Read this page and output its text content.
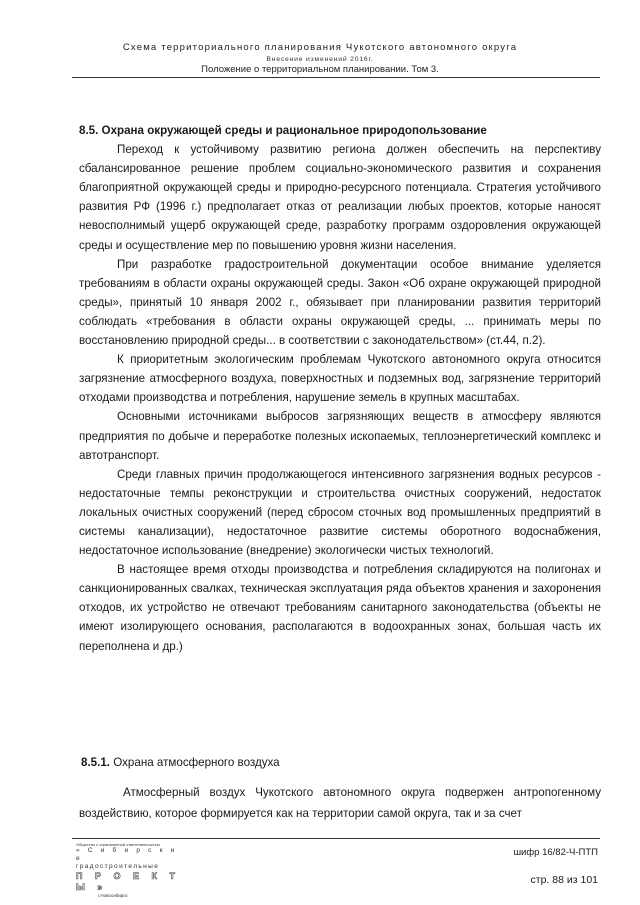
Схема территориального планирования Чукотского автономного округа
Внесение изменений 2016г.
Положение о территориальном планировании. Том 3.

8.5. Охрана окружающей среды и рациональное природопользование

Переход к устойчивому развитию региона должен обеспечить на перспективу сбалансированное решение проблем социально-экономического развития и сохранения благоприятной окружающей среды и природно-ресурсного потенциала. Стратегия устойчивого развития РФ (1996 г.) предполагает отказ от реализации любых проектов, которые наносят невосполнимый ущерб окружающей среде, разработку программ оздоровления окружающей среды и осуществление мер по повышению уровня жизни населения.

При разработке градостроительной документации особое внимание уделяется требованиям в области охраны окружающей среды. Закон «Об охране окружающей природной среды», принятый 10 января 2002 г., обязывает при планировании развития территорий соблюдать «требования в области охраны окружающей среды, ... принимать меры по восстановлению природной среды... в соответствии с законодательством» (ст.44, п.2).

К приоритетным экологическим проблемам Чукотского автономного округа относится загрязнение атмосферного воздуха, поверхностных и подземных вод, загрязнение территорий отходами производства и потребления, нарушение земель в крупных масштабах.

Основными источниками выбросов загрязняющих веществ в атмосферу являются предприятия по добыче и переработке полезных ископаемых, теплоэнергетический комплекс и автотранспорт.

Среди главных причин продолжающегося интенсивного загрязнения водных ресурсов - недостаточные темпы реконструкции и строительства очистных сооружений, недостаток локальных очистных сооружений (перед сбросом сточных вод промышленных предприятий в системы канализации), недостаточное развитие системы оборотного водоснабжения, недостаточное использование (внедрение) экологически чистых технологий.

В настоящее время отходы производства и потребления складируются на полигонах и санкционированных свалках, техническая эксплуатация ряда объектов хранения и захоронения отходов, их устройство не отвечают требованиям санитарного законодательства (объекты не имеют изолирующего основания, располагаются в водоохранных зонах, большая часть их переполнена и др.)

8.5.1. Охрана атмосферного воздуха

Атмосферный воздух Чукотского автономного округа подвержен антропогенному воздействию, которое формируется как на территории самой округа, так и за счет

Общество с ограниченной ответственностью
« С и б и р с к и е
градостроительные
П Р О Е К Т Ы »
г.Новосибирск
шифр 16/82-Ч-ПТП
стр. 88 из 101
